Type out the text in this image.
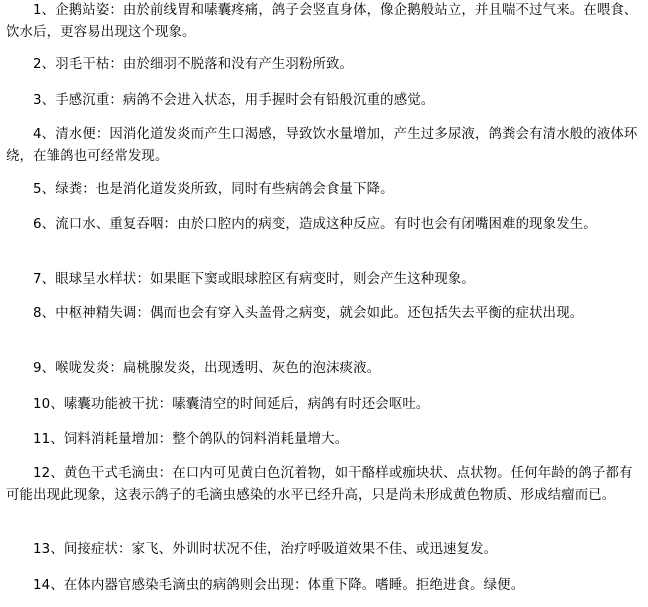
1、企鹅站姿：由於前线胃和嗉囊疼痛，鸽子会竖直身体，像企鹅般站立，并且喘不过气来。在喂食、饮水后，更容易出现这个现象。

2、羽毛干枯：由於细羽不脱落和没有产生羽粉所致。

3、手感沉重：病鸽不会进入状态，用手握时会有铅般沉重的感觉。

4、清水便：因消化道发炎而产生口渴感，导致饮水量增加，产生过多尿液，鸽粪会有清水般的液体环绕，在雏鸽也可经常发现。

5、绿粪：也是消化道发炎所致，同时有些病鸽会食量下降。

6、流口水、重复吞咽：由於口腔内的病变，造成这种反应。有时也会有闭嘴困难的现象发生。

7、眼球呈水样状：如果眶下窦或眼球腔区有病变时，则会产生这种现象。

8、中枢神精失调：偶而也会有穿入头盖骨之病变，就会如此。还包括失去平衡的症状出现。

9、喉咙发炎：扁桃腺发炎，出现透明、灰色的泡沫痰液。

10、嗉囊功能被干扰：嗉囊清空的时间延后，病鸽有时还会呕吐。

11、饲料消耗量增加：整个鸽队的饲料消耗量增大。

12、黄色干式毛滴虫：在口内可见黄白色沉着物，如干酪样或痂块状、点状物。任何年龄的鸽子都有可能出现此现象，这表示鸽子的毛滴虫感染的水平已经升高，只是尚未形成黄色物质、形成结瘤而已。

13、间接症状：家飞、外训时状况不佳，治疗呼吸道效果不佳、或迅速复发。

14、在体内器官感染毛滴虫的病鸽则会出现：体重下降。嗜睡。拒绝进食。绿便。
